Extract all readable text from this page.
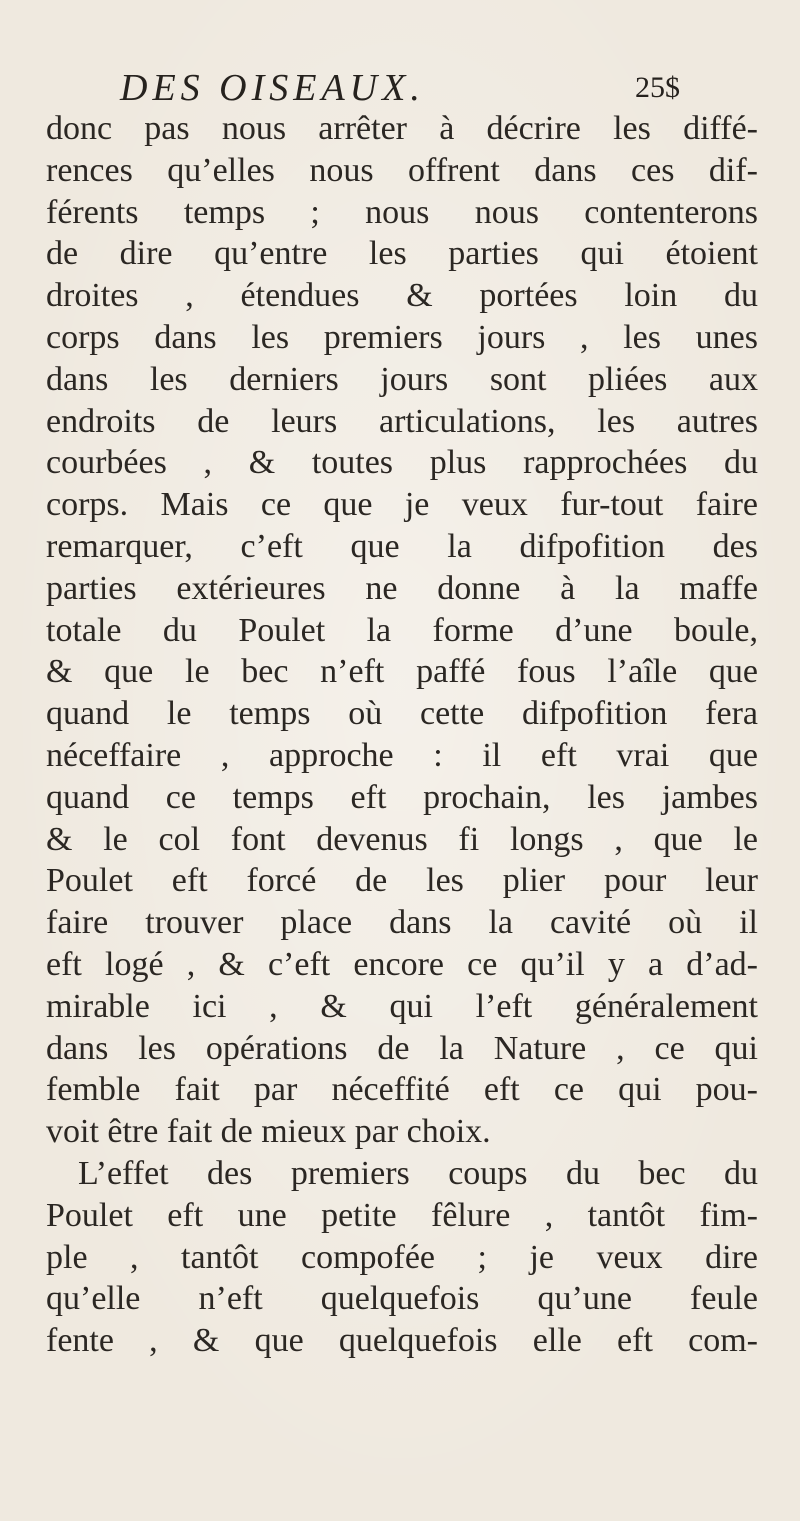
DES OISEAUX.	25$
donc pas nous arrêter à décrire les diffé-
rences qu’elles nous offrent dans ces dif-
férents temps ; nous nous contenterons
de dire qu’entre les parties qui étoient
droites , étendues & portées loin du
corps dans les premiers jours , les unes
dans les derniers jours sont pliées aux
endroits de leurs articulations, les autres
courbées , & toutes plus rapprochées du
corps. Mais ce que je veux fur-tout faire
remarquer, c’eft que la difpofition des
parties extérieures ne donne à la maffe
totale du Poulet la forme d’une boule,
& que le bec n’eft paffé fous l’aîle que
quand le temps où cette difpofition fera
néceffaire , approche : il eft vrai que
quand ce temps eft prochain, les jambes
& le col font devenus fi longs , que le
Poulet eft forcé de les plier pour leur
faire trouver place dans la cavité où il
eft logé , & c’eft encore ce qu’il y a d’ad-
mirable ici , & qui l’eft généralement
dans les opérations de la Nature , ce qui
femble fait par néceffité eft ce qui pou-
voit être fait de mieux par choix.
L’effet des premiers coups du bec du
Poulet eft une petite fêlure , tantôt fim-
ple , tantôt compofée ; je veux dire
qu’elle n’eft quelquefois qu’une feule
fente , & que quelquefois elle eft com-
